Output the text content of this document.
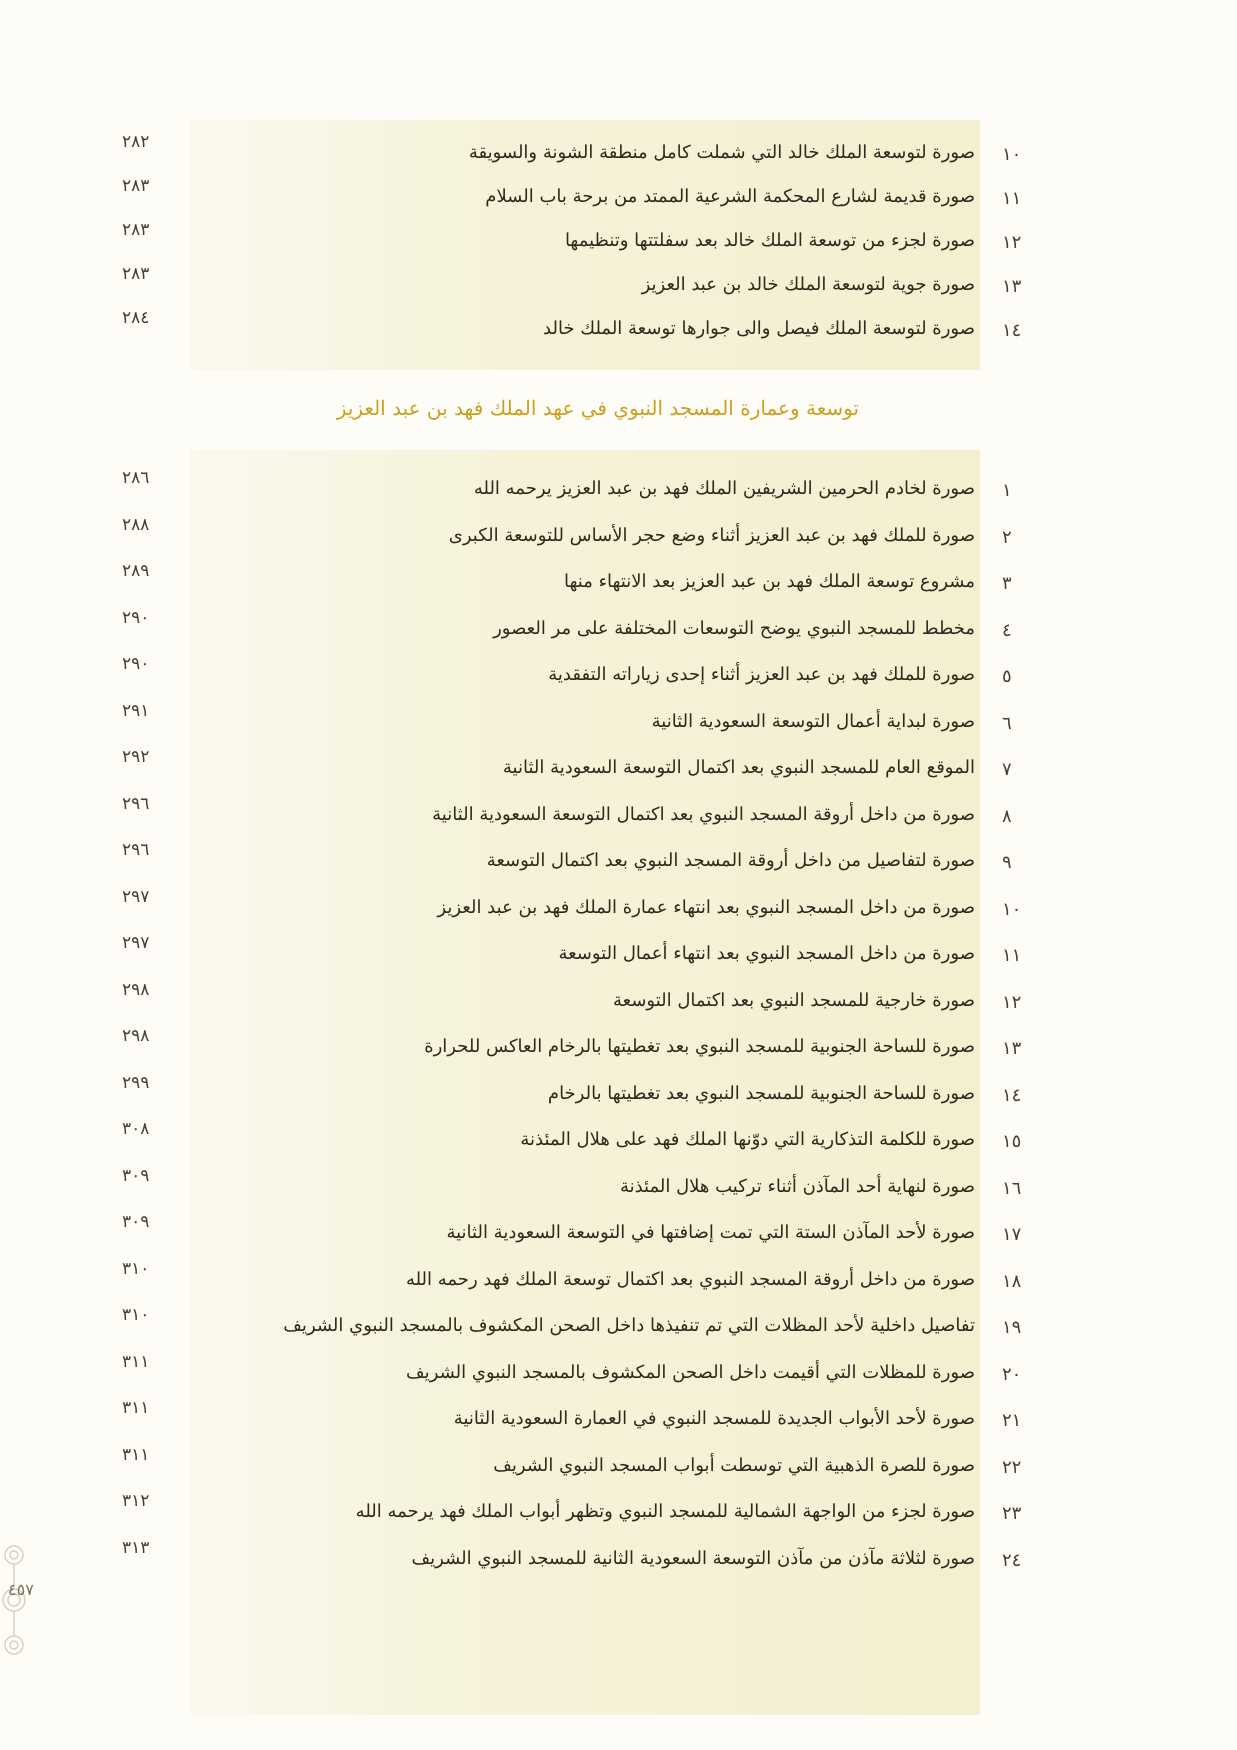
١٠
صورة لتوسعة الملك خالد التي شملت كامل منطقة الشونة والسويقة
٢٨٢
١١
صورة قديمة لشارع المحكمة الشرعية الممتد من برحة باب السلام
٢٨٣
١٢
صورة لجزء من توسعة الملك خالد بعد سفلتتها وتنظيمها
٢٨٣
١٣
صورة جوية لتوسعة الملك خالد بن عبد العزيز
٢٨٣
١٤
صورة لتوسعة الملك فيصل والى جوارها توسعة الملك خالد
٢٨٤
توسعة وعمارة المسجد النبوي في عهد الملك فهد بن عبد العزيز
١
صورة لخادم الحرمين الشريفين الملك فهد بن عبد العزيز يرحمه الله
٢٨٦
٢
صورة للملك فهد بن عبد العزيز أثناء وضع حجر الأساس للتوسعة الكبرى
٢٨٨
٣
مشروع توسعة الملك فهد بن عبد العزيز بعد الانتهاء منها
٢٨٩
٤
مخطط للمسجد النبوي يوضح التوسعات المختلفة على مر العصور
٢٩٠
٥
صورة للملك فهد بن عبد العزيز أثناء إحدى زياراته التفقدية
٢٩٠
٦
صورة لبداية أعمال التوسعة السعودية الثانية
٢٩١
٧
الموقع العام للمسجد النبوي بعد اكتمال التوسعة السعودية الثانية
٢٩٢
٨
صورة من داخل أروقة المسجد النبوي بعد اكتمال التوسعة السعودية الثانية
٢٩٦
٩
صورة لتفاصيل من داخل أروقة المسجد النبوي بعد اكتمال التوسعة
٢٩٦
١٠
صورة من داخل المسجد النبوي بعد انتهاء عمارة الملك فهد بن عبد العزيز
٢٩٧
١١
صورة من داخل المسجد النبوي بعد انتهاء أعمال التوسعة
٢٩٧
١٢
صورة خارجية للمسجد النبوي بعد اكتمال التوسعة
٢٩٨
١٣
صورة للساحة الجنوبية للمسجد النبوي بعد تغطيتها بالرخام العاكس للحرارة
٢٩٨
١٤
صورة للساحة الجنوبية للمسجد النبوي بعد تغطيتها بالرخام
٢٩٩
١٥
صورة للكلمة التذكارية التي دوّنها الملك فهد على هلال المئذنة
٣٠٨
١٦
صورة لنهاية أحد المآذن أثناء تركيب هلال المئذنة
٣٠٩
١٧
صورة لأحد المآذن الستة التي تمت إضافتها في التوسعة السعودية الثانية
٣٠٩
١٨
صورة من داخل أروقة المسجد النبوي بعد اكتمال توسعة الملك فهد رحمه الله
٣١٠
١٩
تفاصيل داخلية لأحد المظلات التي تم تنفيذها داخل الصحن المكشوف بالمسجد النبوي الشريف
٣١٠
٢٠
صورة للمظلات التي أقيمت داخل الصحن المكشوف بالمسجد النبوي الشريف
٣١١
٢١
صورة لأحد الأبواب الجديدة للمسجد النبوي في العمارة السعودية الثانية
٣١١
٢٢
صورة للصرة الذهبية التي توسطت أبواب المسجد النبوي الشريف
٣١١
٢٣
صورة لجزء من الواجهة الشمالية للمسجد النبوي وتظهر أبواب الملك فهد يرحمه الله
٣١٢
٢٤
صورة لثلاثة مآذن من مآذن التوسعة السعودية الثانية للمسجد النبوي الشريف
٣١٣
٤٥٧
